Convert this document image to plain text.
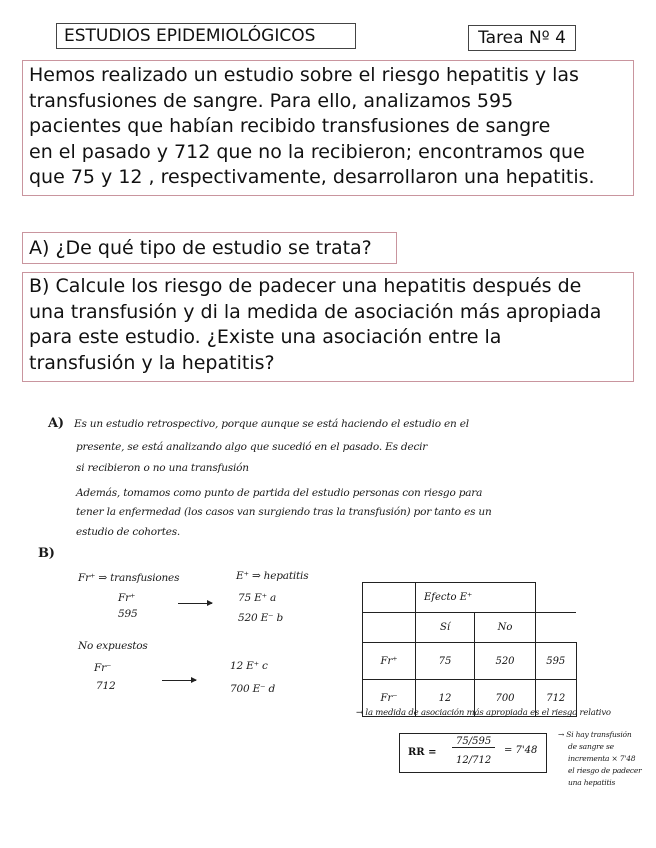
ESTUDIOS EPIDEMIOLÓGICOS	Tarea Nº 4
Hemos realizado un estudio sobre el riesgo hepatitis y las
transfusiones de sangre. Para ello, analizamos 595
pacientes que habían recibido transfusiones de sangre
en el pasado y 712 que no la recibieron; encontramos que
que 75 y 12 , respectivamente, desarrollaron una hepatitis.
A) ¿De qué tipo de estudio se trata?
B) Calcule los riesgo de padecer una hepatitis después de
una transfusión y di la medida de asociación más apropiada
para este estudio. ¿Existe una asociación entre la
transfusión y la hepatitis?
A) Es un estudio retrospectivo, porque aunque se está haciendo el estudio en el
presente, se está analizando algo que sucedió en el pasado. Es decir
si recibieron o no una transfusión
Además, tomamos como punto de partida del estudio personas con riesgo para
tener la enfermedad (los casos van surgiendo tras la transfusión) por tanto es un
estudio de cohortes.
B)
Fr⁺ ⇒ transfusiones
Fr⁺
595
E⁺ ⇒ hepatitis
75 E⁺ a
520 E⁻ b
No expuestos
Fr⁻
712
12 E⁺ c
700 E⁻ d
	Efecto E⁺		
	Sí	No	
Fr⁺	75	520	595
Fr⁻	12	700	712
→ la medida de asociación más apropiada es el riesgo relativo
RR =
75/595
12/712
= 7'48
→ Si hay transfusión
de sangre se
incrementa × 7'48
el riesgo de padecer
una hepatitis
